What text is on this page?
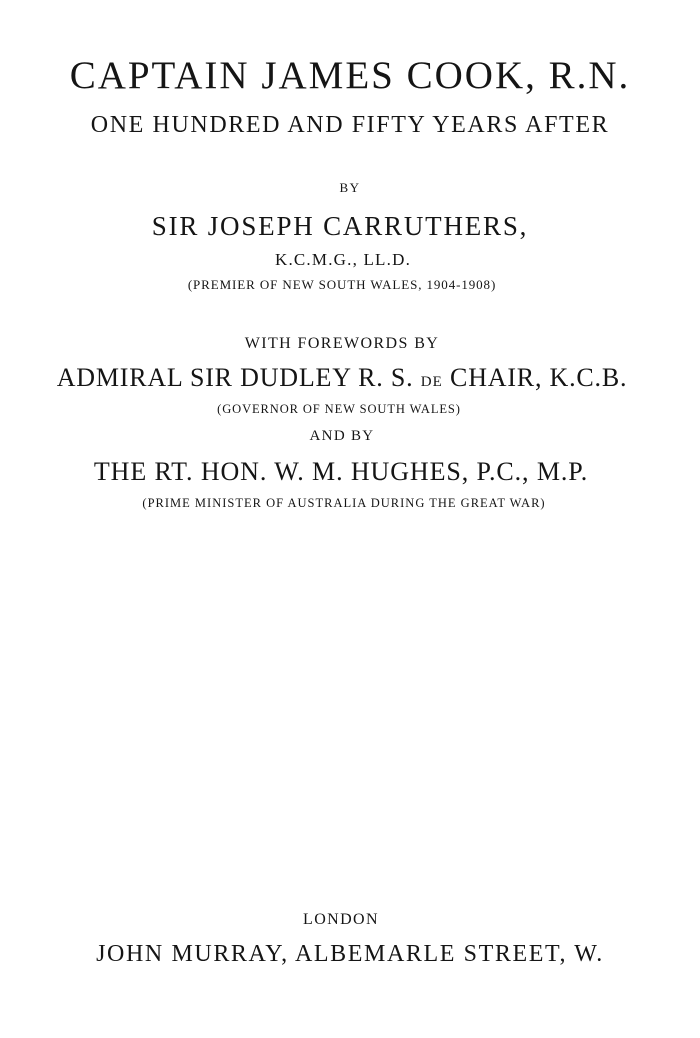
CAPTAIN JAMES COOK, R.N.

ONE HUNDRED AND FIFTY YEARS AFTER

BY

SIR JOSEPH CARRUTHERS,

K.C.M.G., LL.D.

(PREMIER OF NEW SOUTH WALES, 1904-1908)

WITH FOREWORDS BY

ADMIRAL SIR DUDLEY R. S. DE CHAIR, K.C.B.

(GOVERNOR OF NEW SOUTH WALES)

AND BY

THE RT. HON. W. M. HUGHES, P.C., M.P.

(PRIME MINISTER OF AUSTRALIA DURING THE GREAT WAR)

LONDON

JOHN MURRAY, ALBEMARLE STREET, W.
